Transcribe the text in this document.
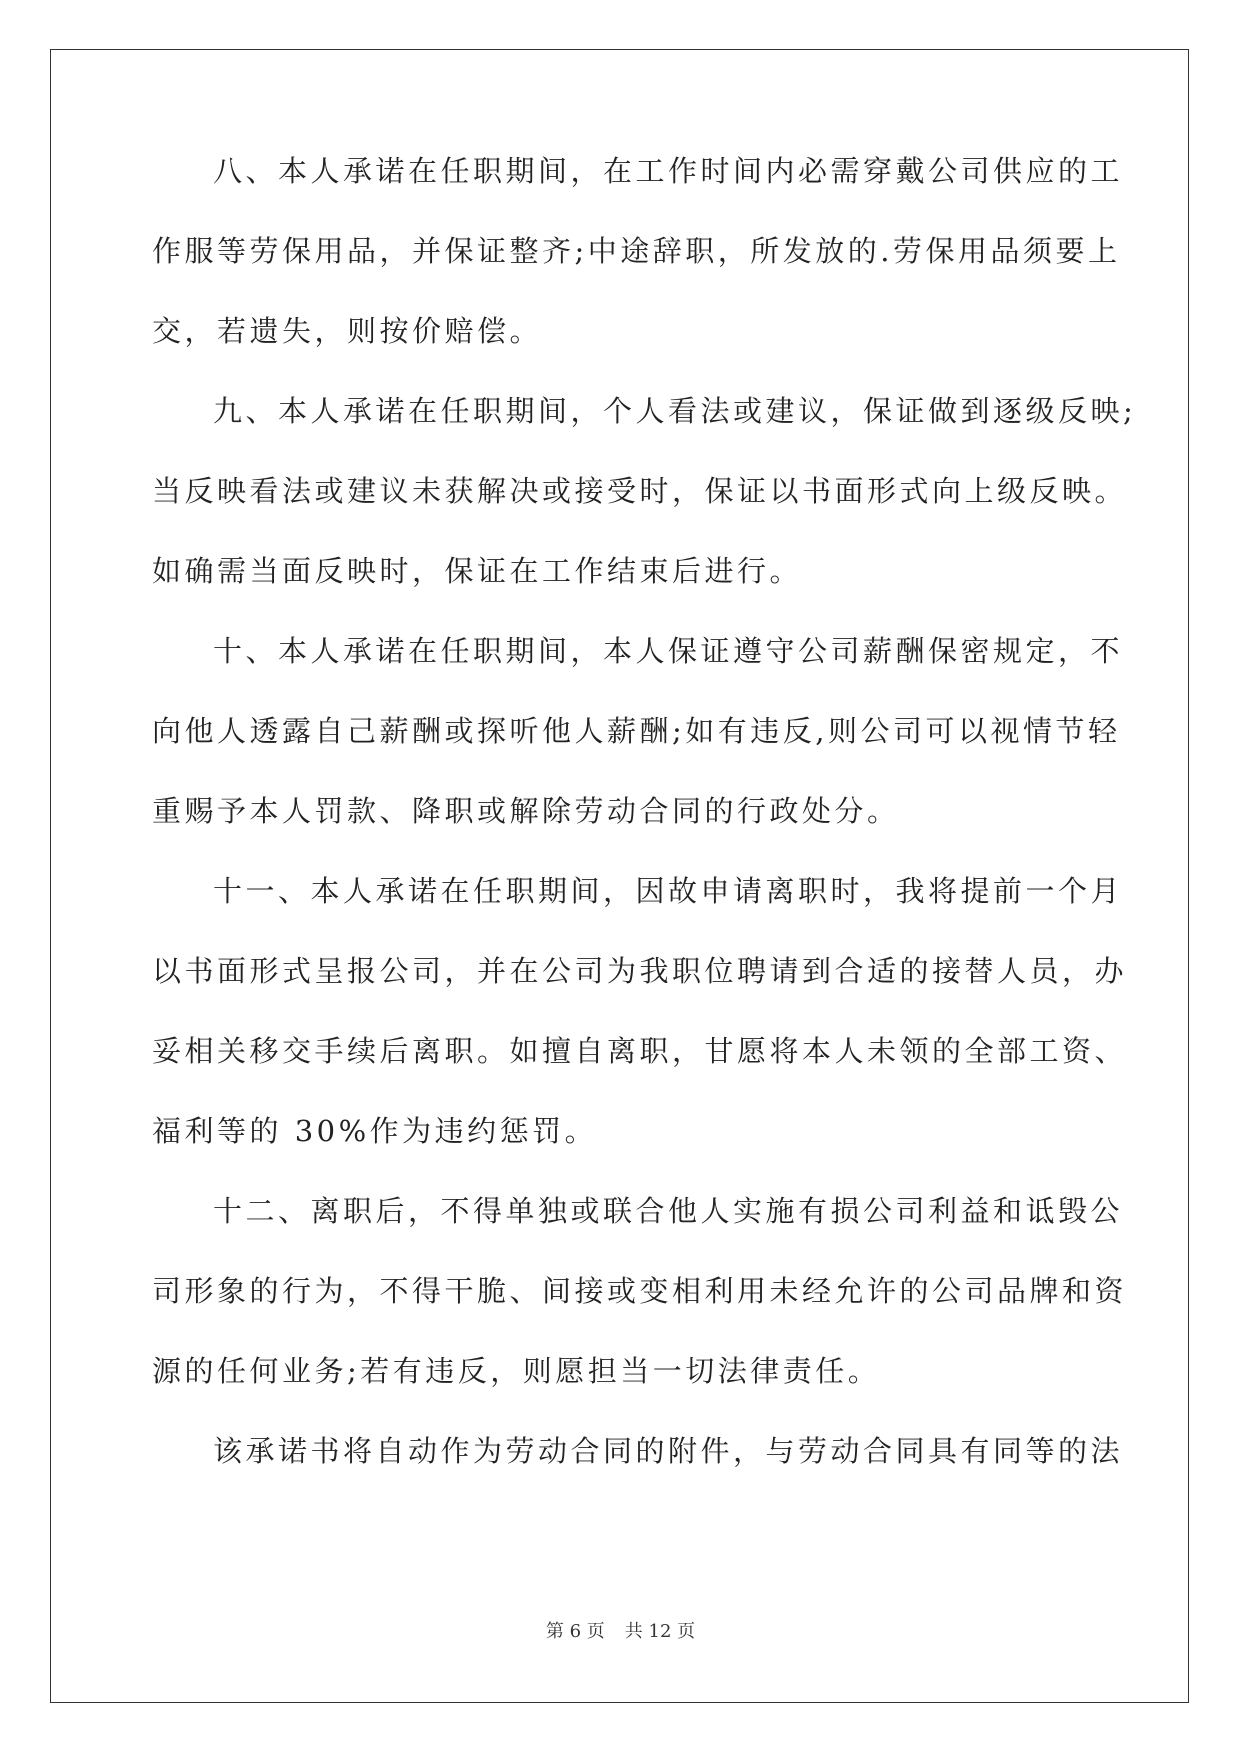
八、本人承诺在任职期间，在工作时间内必需穿戴公司供应的工
作服等劳保用品，并保证整齐;中途辞职，所发放的.劳保用品须要上
交，若遗失，则按价赔偿。
九、本人承诺在任职期间，个人看法或建议，保证做到逐级反映;
当反映看法或建议未获解决或接受时，保证以书面形式向上级反映。
如确需当面反映时，保证在工作结束后进行。
十、本人承诺在任职期间，本人保证遵守公司薪酬保密规定，不
向他人透露自己薪酬或探听他人薪酬;如有违反,则公司可以视情节轻
重赐予本人罚款、降职或解除劳动合同的行政处分。
十一、本人承诺在任职期间，因故申请离职时，我将提前一个月
以书面形式呈报公司，并在公司为我职位聘请到合适的接替人员，办
妥相关移交手续后离职。如擅自离职，甘愿将本人未领的全部工资、
福利等的 30%作为违约惩罚。
十二、离职后，不得单独或联合他人实施有损公司利益和诋毁公
司形象的行为，不得干脆、间接或变相利用未经允许的公司品牌和资
源的任何业务;若有违反，则愿担当一切法律责任。
该承诺书将自动作为劳动合同的附件，与劳动合同具有同等的法
第 6 页 共 12 页
